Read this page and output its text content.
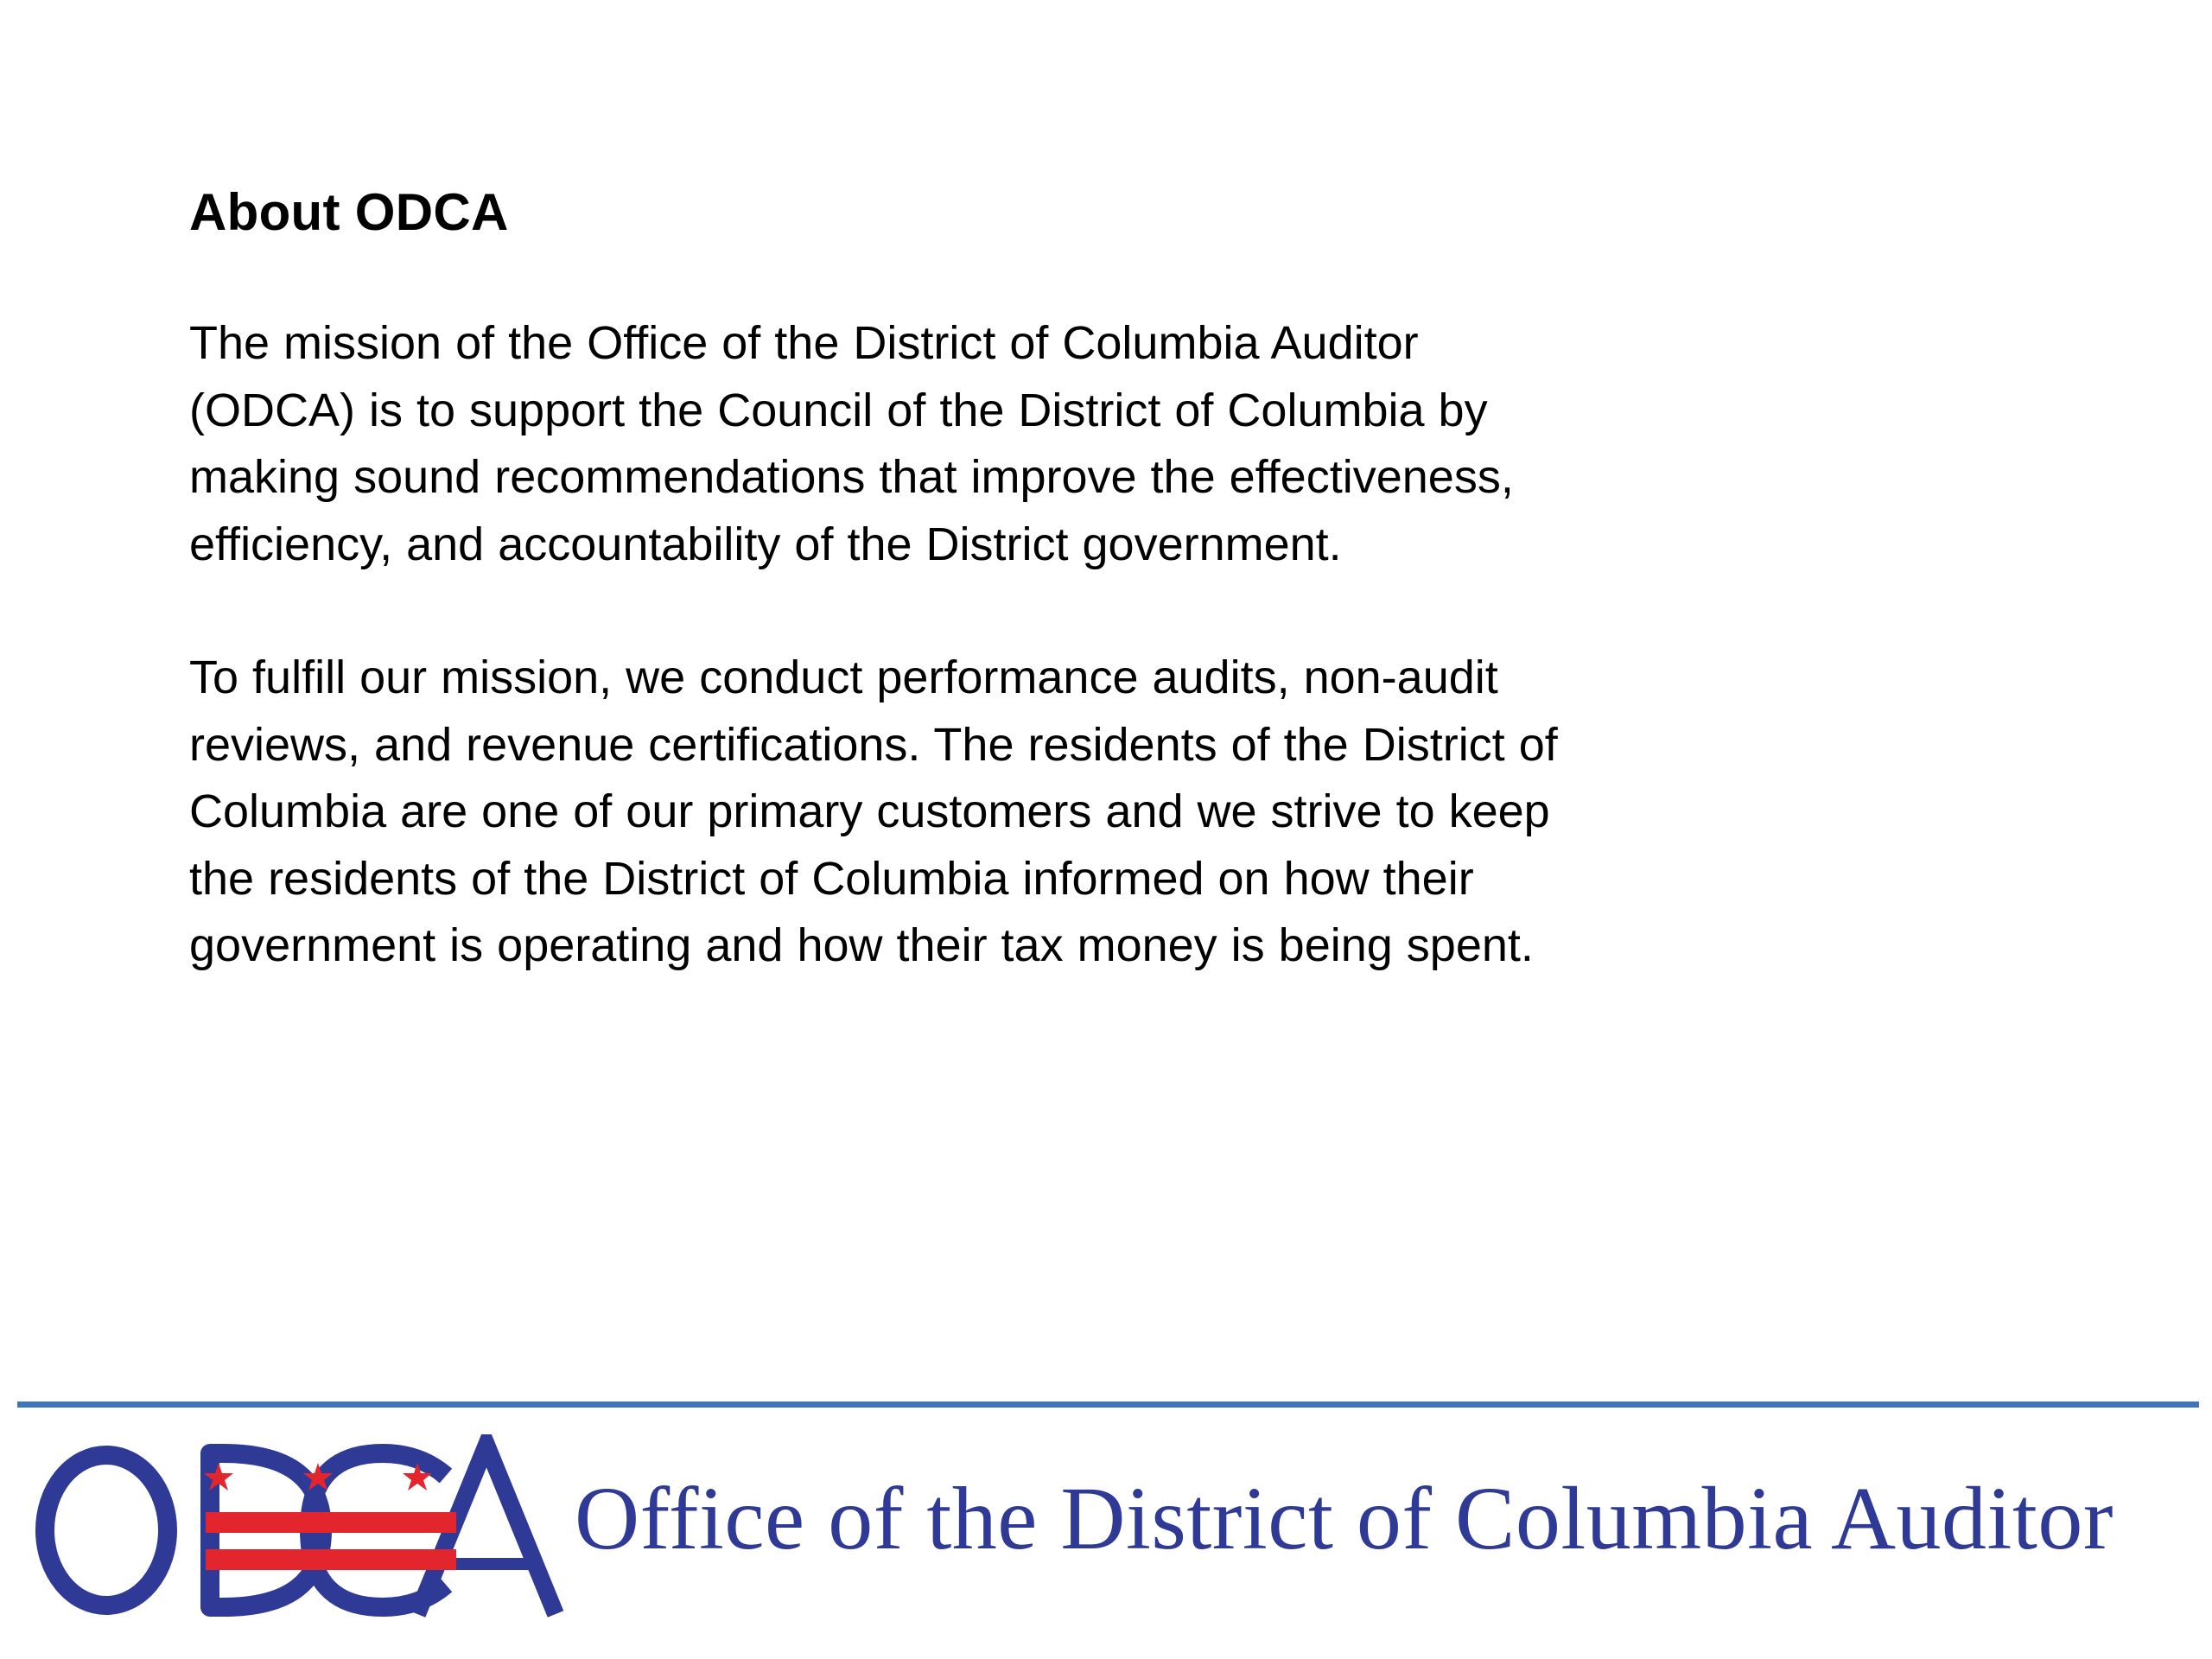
About ODCA

The mission of the Office of the District of Columbia Auditor (ODCA) is to support the Council of the District of Columbia by making sound recommendations that improve the effectiveness, efficiency, and accountability of the District government.

To fulfill our mission, we conduct performance audits, non-audit reviews, and revenue certifications. The residents of the District of Columbia are one of our primary customers and we strive to keep the residents of the District of Columbia informed on how their government is operating and how their tax money is being spent.

Office of the District of Columbia Auditor
